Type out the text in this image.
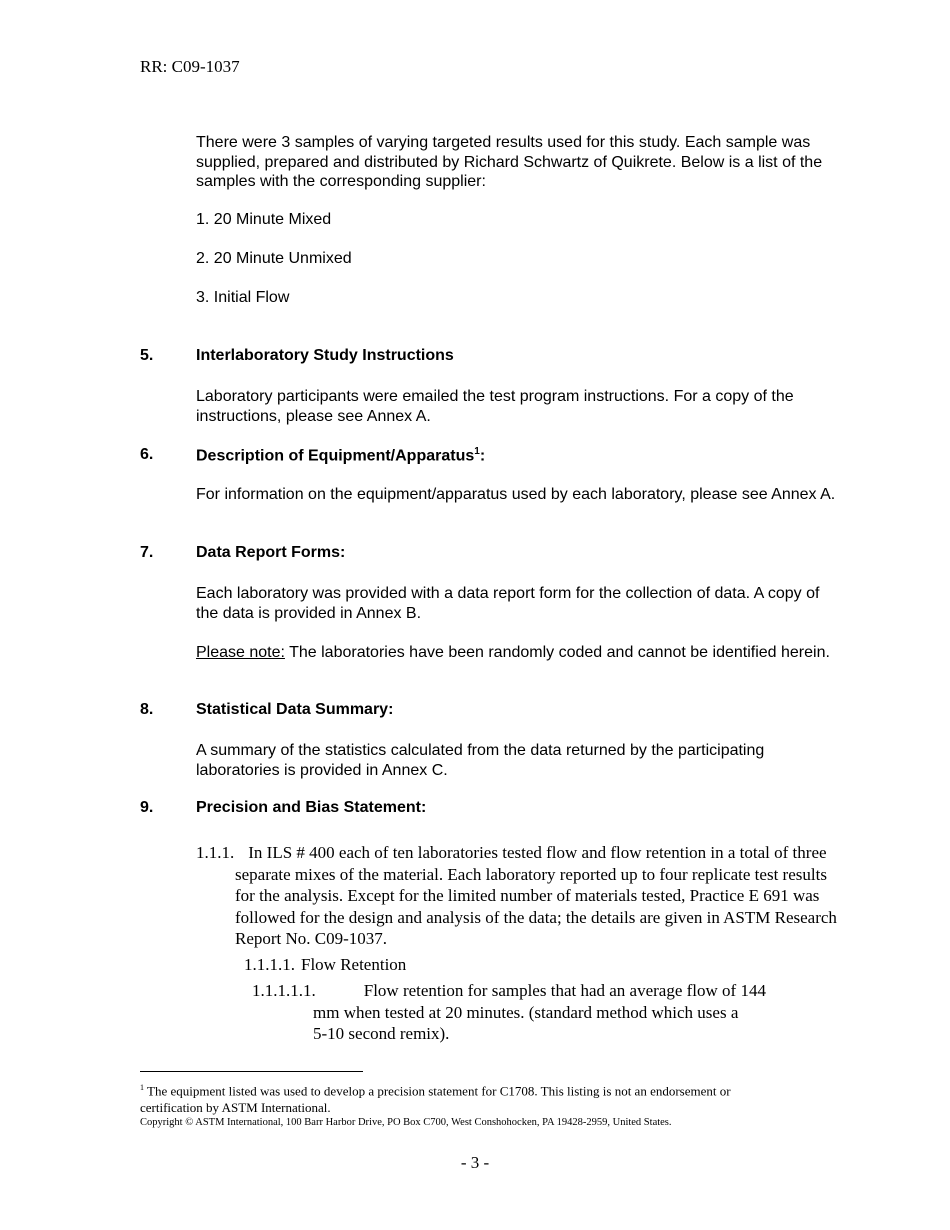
RR: C09-1037
There were 3 samples of varying targeted results used for this study. Each sample was supplied, prepared and distributed by Richard Schwartz of Quikrete. Below is a list of the samples with the corresponding supplier:
1. 20 Minute Mixed
2. 20 Minute Unmixed
3. Initial Flow
5.	Interlaboratory Study Instructions
Laboratory participants were emailed the test program instructions. For a copy of the instructions, please see Annex A.
6.	Description of Equipment/Apparatus$^1$:
For information on the equipment/apparatus used by each laboratory, please see Annex A.
7.	Data Report Forms:
Each laboratory was provided with a data report form for the collection of data. A copy of the data is provided in Annex B.
Please note: The laboratories have been randomly coded and cannot be identified herein.
8.	Statistical Data Summary:
A summary of the statistics calculated from the data returned by the participating laboratories is provided in Annex C.
9.	Precision and Bias Statement:
1.1.1. In ILS # 400 each of ten laboratories tested flow and flow retention in a total of three separate mixes of the material. Each laboratory reported up to four replicate test results for the analysis. Except for the limited number of materials tested, Practice E 691 was followed for the design and analysis of the data; the details are given in ASTM Research Report No. C09-1037.
1.1.1.1. Flow Retention
1.1.1.1.1.	Flow retention for samples that had an average flow of 144
mm when tested at 20 minutes. (standard method which uses a 5-10 second remix).
$^1$ The equipment listed was used to develop a precision statement for C1708. This listing is not an endorsement or certification by ASTM International.
Copyright © ASTM International, 100 Barr Harbor Drive, PO Box C700, West Conshohocken, PA 19428-2959, United States.
- 3 -
